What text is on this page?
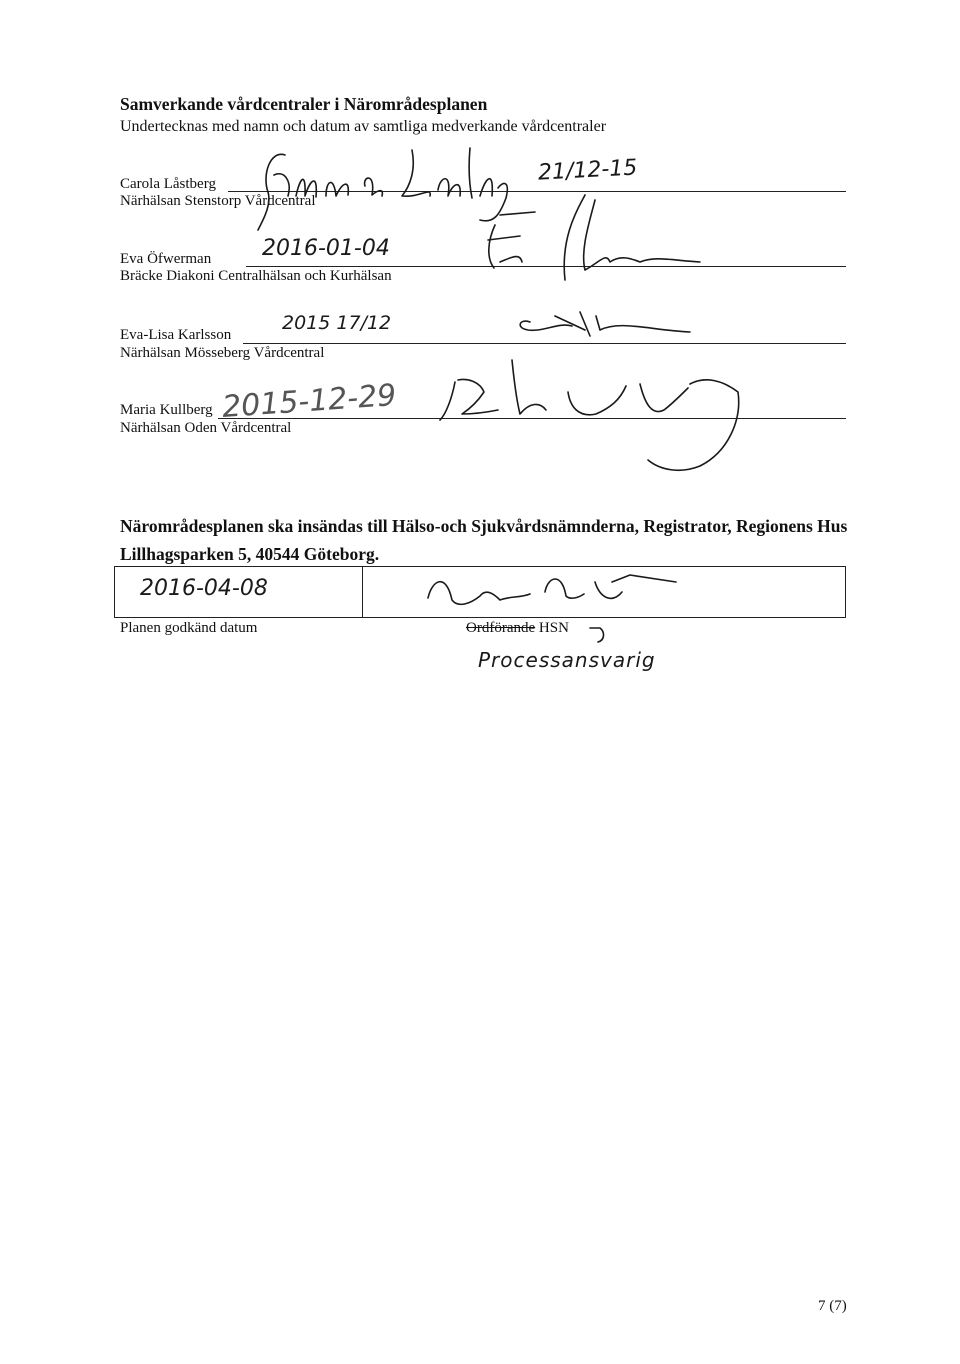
Samverkande vårdcentraler i Närområdesplanen
Undertecknas med namn och datum av samtliga medverkande vårdcentraler
Carola Låstberg
Närhälsan Stenstorp Vårdcentral
21/12-15
Eva Öfwerman
Bräcke Diakoni Centralhälsan och Kurhälsan
2016-01-04
Eva-Lisa Karlsson
Närhälsan Mösseberg Vårdcentral
2015 17/12
Maria Kullberg
Närhälsan Oden Vårdcentral
2015-12-29
Närområdesplanen ska insändas till Hälso-och Sjukvårdsnämnderna, Registrator, Regionens Hus Lillhagsparken 5, 40544 Göteborg.
2016-04-08
Planen godkänd datum	Ordförande HSN
Processansvarig
7 (7)
